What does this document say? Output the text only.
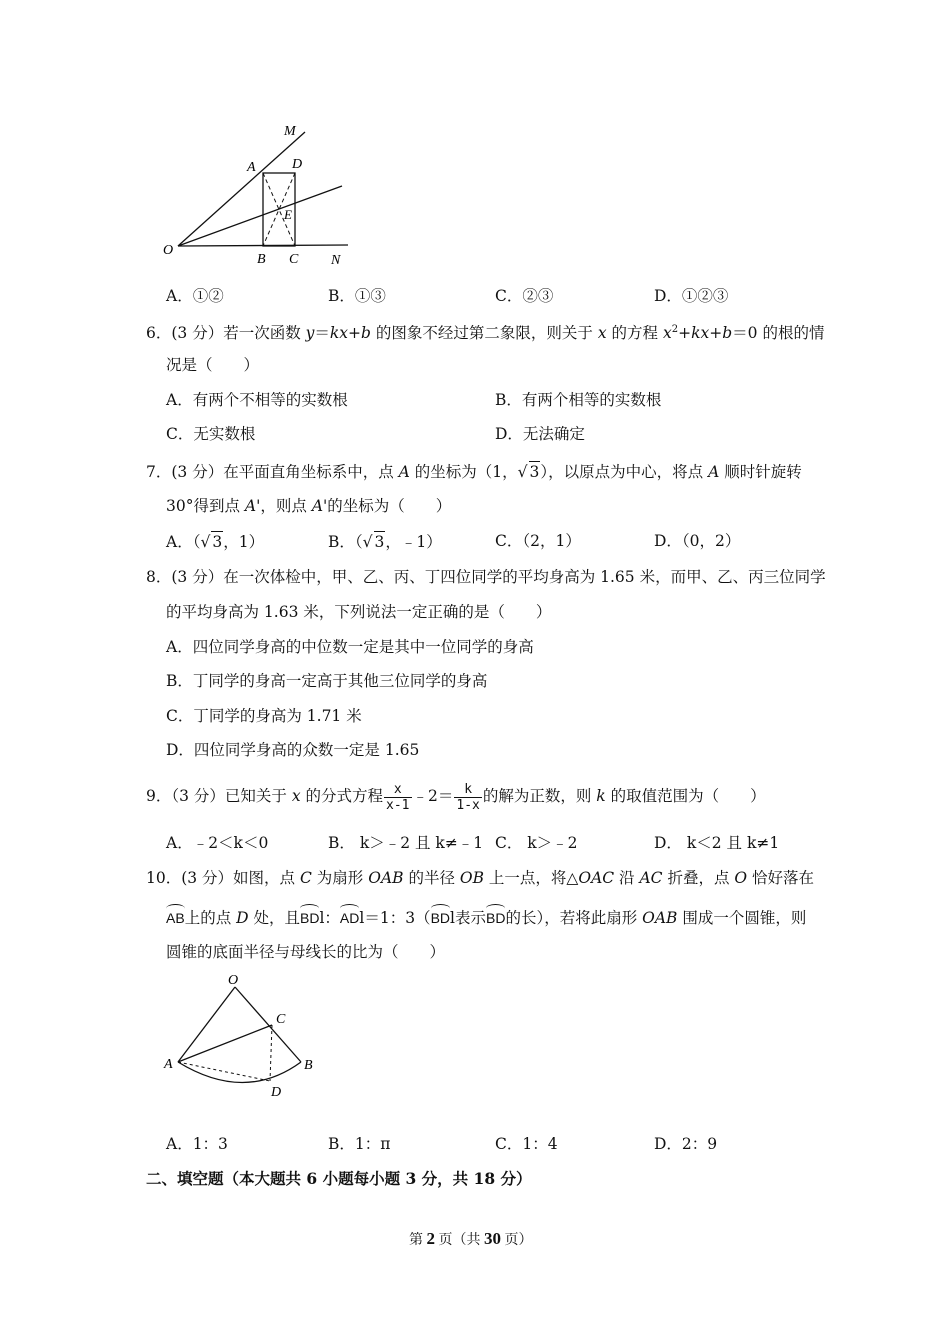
M
A	D
E
O
B C N
A．①②	B．①③	C．②③	D．①②③
6．(3 分）若一次函数 y＝kx+b 的图象不经过第二象限，则关于 x 的方程 $x^2+kx+b=0$ 的根的情
况是（　　）
A．有两个不相等的实数根	B．有两个相等的实数根
C．无实数根	D．无法确定
7．(3 分）在平面直角坐标系中，点 A 的坐标为（1，√ 3），以原点为中心，将点 A 顺时针旋转
30°得到点 A'，则点 A'的坐标为（　　）
A．（√ 3，1）	B．（√ 3，﹣1）	C．（2，1）	D．（0，2）
8．(3 分）在一次体检中，甲、乙、丙、丁四位同学的平均身高为 1.65 米，而甲、乙、丙三位同学
的平均身高为 1.63 米，下列说法一定正确的是（　　）
A．四位同学身高的中位数一定是其中一位同学的身高
B．丁同学的身高一定高于其他三位同学的身高
C．丁同学的身高为 1.71 米
D．四位同学身高的众数一定是 1.65
9．（3 分）已知关于 x 的分式方程 $\frac{x}{x-1}$ ﹣2＝ $\frac{k}{1-x}$ 的解为正数，则 k 的取值范围为（　　）
A．﹣2＜k＜0	B． k＞﹣2 且 k≠﹣1 C． k＞﹣2	D． k＜2 且 k≠1
10．(3 分）如图，点 C 为扇形 OAB 的半径 OB 上一点，将△OAC 沿 AC 折叠，点 O 恰好落在
AB上的点 D 处，且BDl：ADl＝1：3（BDl表示BD的长），若将此扇形 OAB 围成一个圆锥，则
圆锥的底面半径与母线长的比为（　　）
O
C
A	B
D
A．1：3	B．1：π	C．1：4	D．2：9
二、填空题（本大题共 6 小题每小题 3 分，共 18 分）
第 2 页（共 30 页）
